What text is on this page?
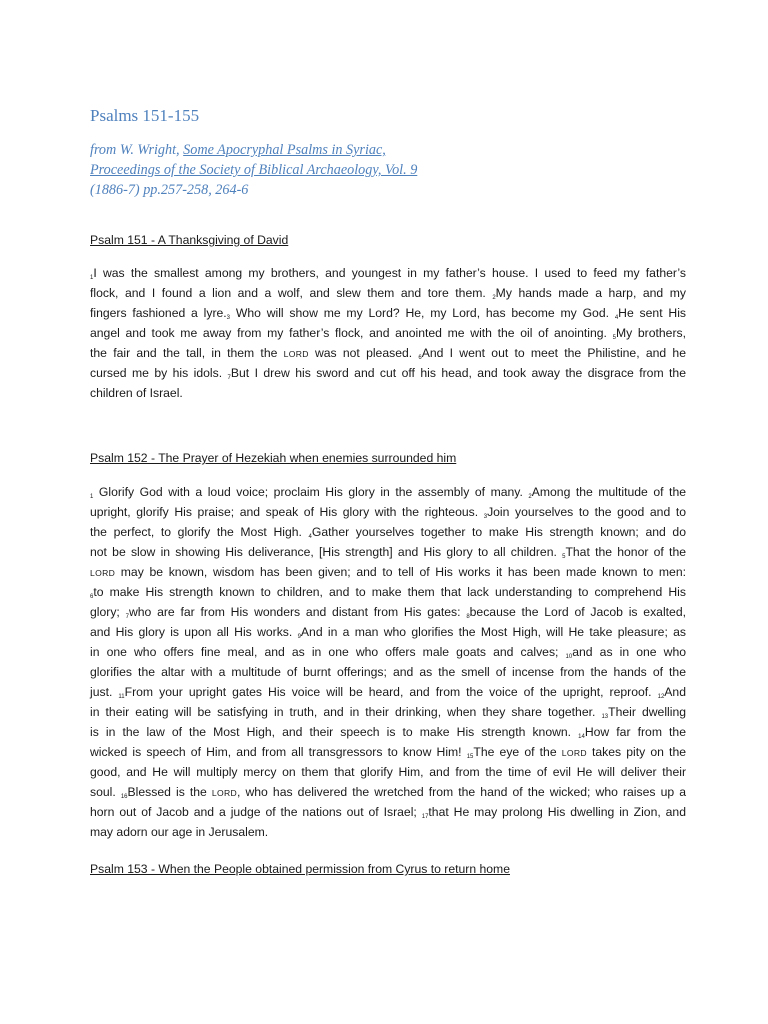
Psalms 151-155
from W. Wright, Some Apocryphal Psalms in Syriac,
Proceedings of the Society of Biblical Archaeology, Vol. 9
(1886-7) pp.257-258, 264-6
Psalm 151 - A Thanksgiving of David
$_1$I was the smallest among my brothers, and youngest in my father’s house. I used to feed my father’s
flock, and I found a lion and a wolf, and slew them and tore them. $_2$My hands made a harp, and my
fingers fashioned a $lyre._3$ Who will show me my Lord? He, my Lord, has become my God. $_4$He sent His
angel and took me away from my father’s flock, and anointed me with the oil of anointing. $_5$My brothers,
the fair and the tall, in them the LORD was not pleased. $_6$And I went out to meet the Philistine, and he
cursed me by his idols. $_7$But I drew his sword and cut off his head, and took away the disgrace from the
children of Israel.
Psalm 152 - The Prayer of Hezekiah when enemies surrounded him
$_1$ Glorify God with a loud voice; proclaim His glory in the assembly of many. $_2$Among the multitude of the
upright, glorify His praise; and speak of His glory with the righteous. $_3$Join yourselves to the good and to
the perfect, to glorify the Most High. $_4$Gather yourselves together to make His strength known; and do
not be slow in showing His deliverance, [His strength] and His glory to all children. $_5$That the honor of the
LORD may be known, wisdom has been given; and to tell of His works it has been made known to men:
$_6$to make His strength known to children, and to make them that lack understanding to comprehend His
glory; $_7$who are far from His wonders and distant from His gates: $_8$because the Lord of Jacob is exalted,
and His glory is upon all His works. $_9$And in a man who glorifies the Most High, will He take pleasure; as
in one who offers fine meal, and as in one who offers male goats and calves; $_{10}$and as in one who
glorifies the altar with a multitude of burnt offerings; and as the smell of incense from the hands of the
just. $_{11}$From your upright gates His voice will be heard, and from the voice of the upright, reproof. $_{12}$And
in their eating will be satisfying in truth, and in their drinking, when they share together. $_{13}$Their dwelling
is in the law of the Most High, and their speech is to make His strength known. $_{14}$How far from the
wicked is speech of Him, and from all transgressors to know Him! $_{15}$The eye of the LORD takes pity on the
good, and He will multiply mercy on them that glorify Him, and from the time of evil He will deliver their
soul. $_{16}$Blessed is the LORD, who has delivered the wretched from the hand of the wicked; who raises up a
horn out of Jacob and a judge of the nations out of Israel; $_{17}$that He may prolong His dwelling in Zion, and
may adorn our age in Jerusalem.
Psalm 153 - When the People obtained permission from Cyrus to return home
